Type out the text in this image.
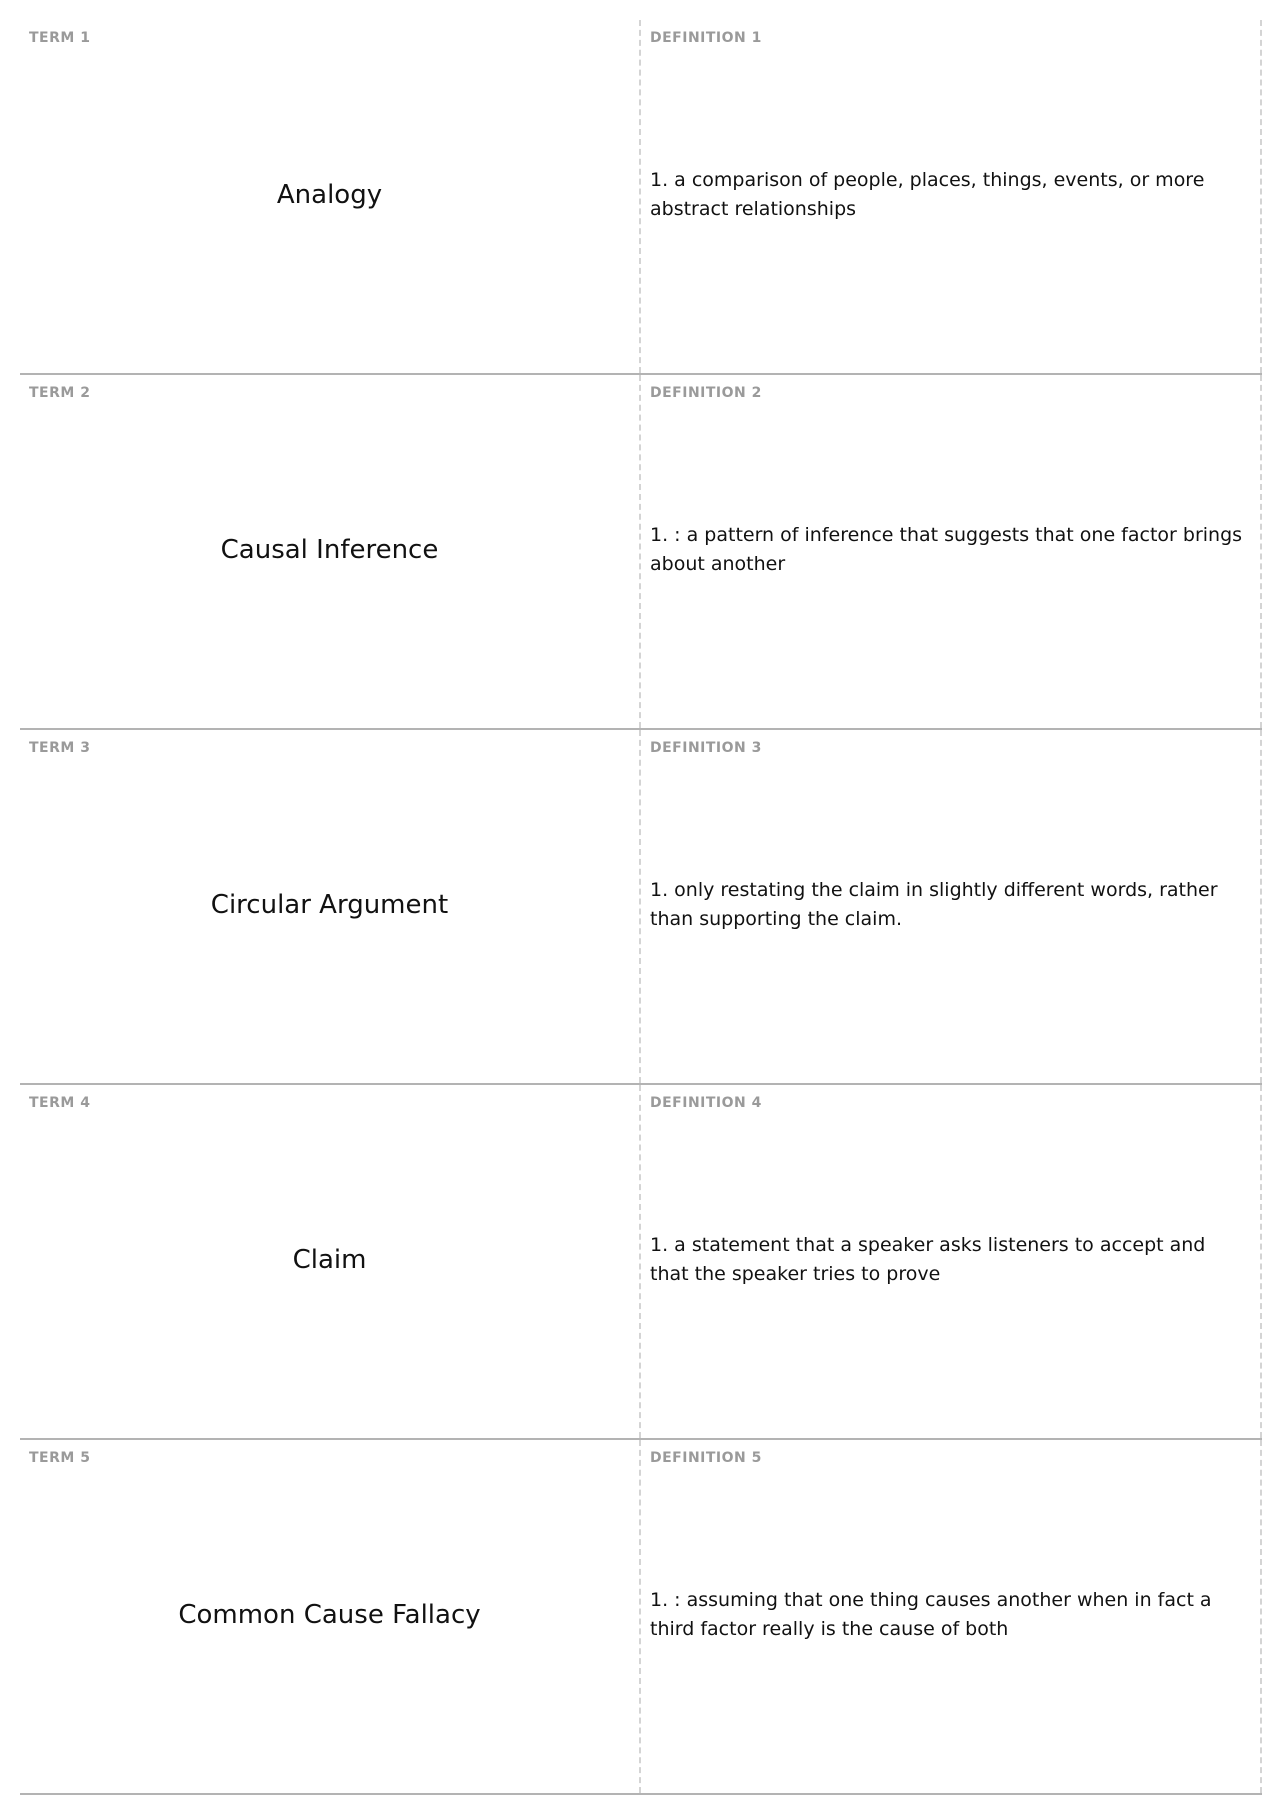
TERM 1
Analogy
DEFINITION 1
1. a comparison of people, places, things, events, or more abstract relationships
TERM 2
Causal Inference
DEFINITION 2
1. : a pattern of inference that suggests that one factor brings about another
TERM 3
Circular Argument
DEFINITION 3
1. only restating the claim in slightly different words, rather than supporting the claim.
TERM 4
Claim
DEFINITION 4
1. a statement that a speaker asks listeners to accept and that the speaker tries to prove
TERM 5
Common Cause Fallacy
DEFINITION 5
1. : assuming that one thing causes another when in fact a third factor really is the cause of both
